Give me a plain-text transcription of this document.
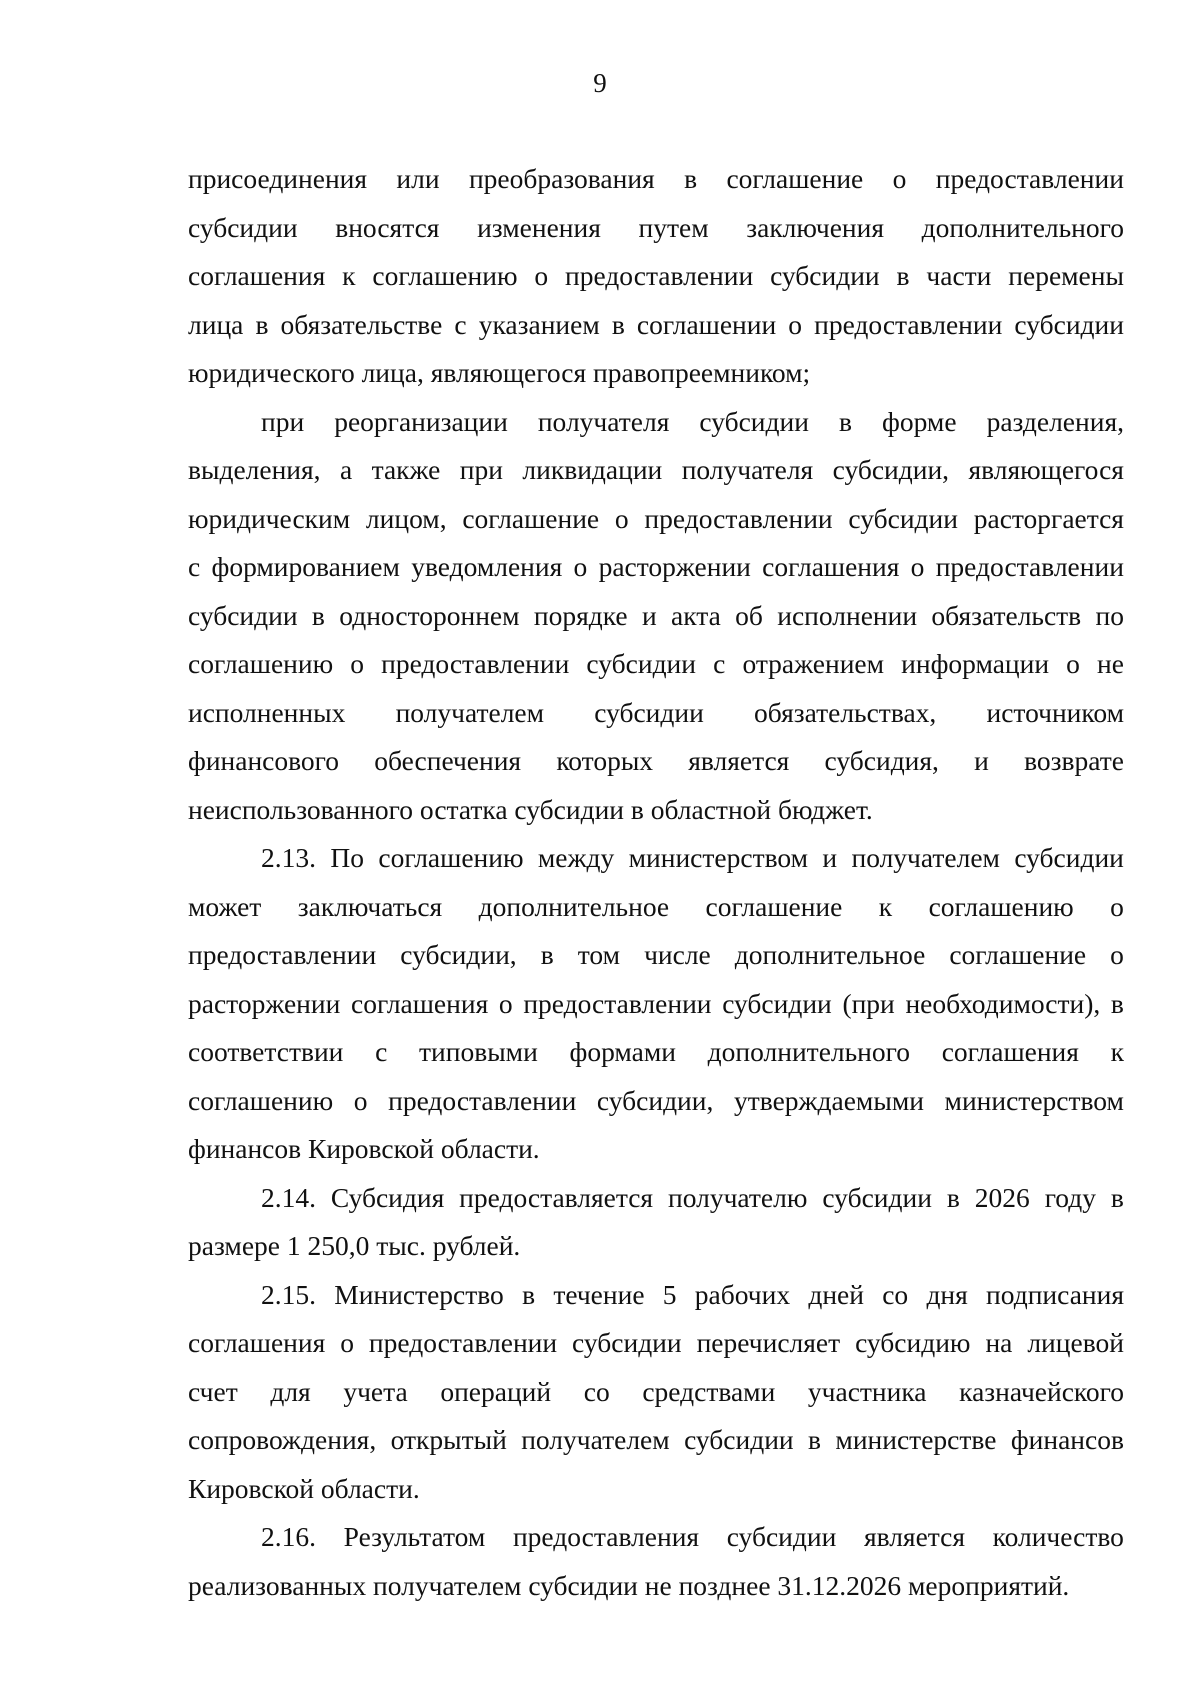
9
присоединения или преобразования в соглашение о предоставлении
субсидии вносятся изменения путем заключения дополнительного
соглашения к соглашению о предоставлении субсидии в части перемены
лица в обязательстве с указанием в соглашении о предоставлении субсидии
юридического лица, являющегося правопреемником;
при реорганизации получателя субсидии в форме разделения,
выделения, а также при ликвидации получателя субсидии, являющегося
юридическим лицом, соглашение о предоставлении субсидии расторгается
с формированием уведомления о расторжении соглашения о предоставлении
субсидии в одностороннем порядке и акта об исполнении обязательств по
соглашению о предоставлении субсидии с отражением информации о не
исполненных получателем субсидии обязательствах, источником
финансового обеспечения которых является субсидия, и возврате
неиспользованного остатка субсидии в областной бюджет.
2.13. По соглашению между министерством и получателем субсидии
может заключаться дополнительное соглашение к соглашению о
предоставлении субсидии, в том числе дополнительное соглашение о
расторжении соглашения о предоставлении субсидии (при необходимости), в
соответствии с типовыми формами дополнительного соглашения к
соглашению о предоставлении субсидии, утверждаемыми министерством
финансов Кировской области.
2.14. Субсидия предоставляется получателю субсидии в 2026 году в
размере 1 250,0 тыс. рублей.
2.15. Министерство в течение 5 рабочих дней со дня подписания
соглашения о предоставлении субсидии перечисляет субсидию на лицевой
счет для учета операций со средствами участника казначейского
сопровождения, открытый получателем субсидии в министерстве финансов
Кировской области.
2.16. Результатом предоставления субсидии является количество
реализованных получателем субсидии не позднее 31.12.2026 мероприятий.
